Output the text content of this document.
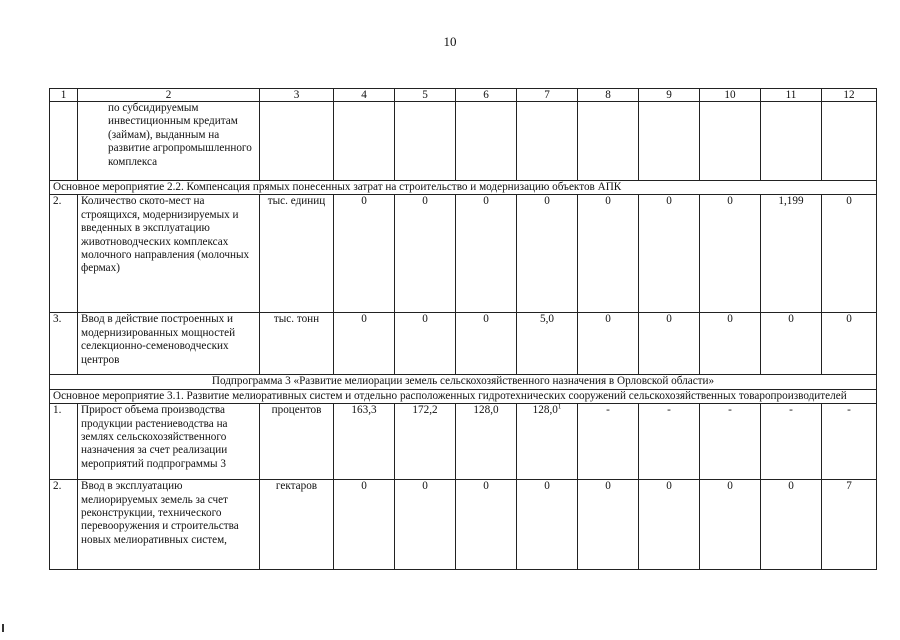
10
1	2	3	4	5	6	7	8	9	10	11	12
	по субсидируемым инвестиционным кредитам (займам), выданным на развитие агропромышленного комплекса										
Основное мероприятие 2.2. Компенсация прямых понесенных затрат на строительство и модернизацию объектов АПК											
2.	Количество ското-мест на строящихся, модернизируемых и введенных в эксплуатацию животноводческих комплексах молочного направления (молочных фермах)	тыс. единиц	0	0	0	0	0	0	0	1,199	0
3.	Ввод в действие построенных и модернизированных мощностей селекционно-семеноводческих центров	тыс. тонн	0	0	0	5,0	0	0	0	0	0
Подпрограмма 3 «Развитие мелиорации земель сельскохозяйственного назначения в Орловской области»											
Основное мероприятие 3.1. Развитие мелиоративных систем и отдельно расположенных гидротехнических сооружений сельскохозяйственных товаропроизводителей											
1.	Прирост объема производства продукции растениеводства на землях сельскохозяйственного назначения за счет реализации мероприятий подпрограммы 3	процентов	163,3	172,2	128,0	128,0$^1$	-	-	-	-	-
2.	Ввод в эксплуатацию мелиорируемых земель за счет реконструкции, технического перевооружения и строительства новых мелиоративных систем,	гектаров	0	0	0	0	0	0	0	0	7
